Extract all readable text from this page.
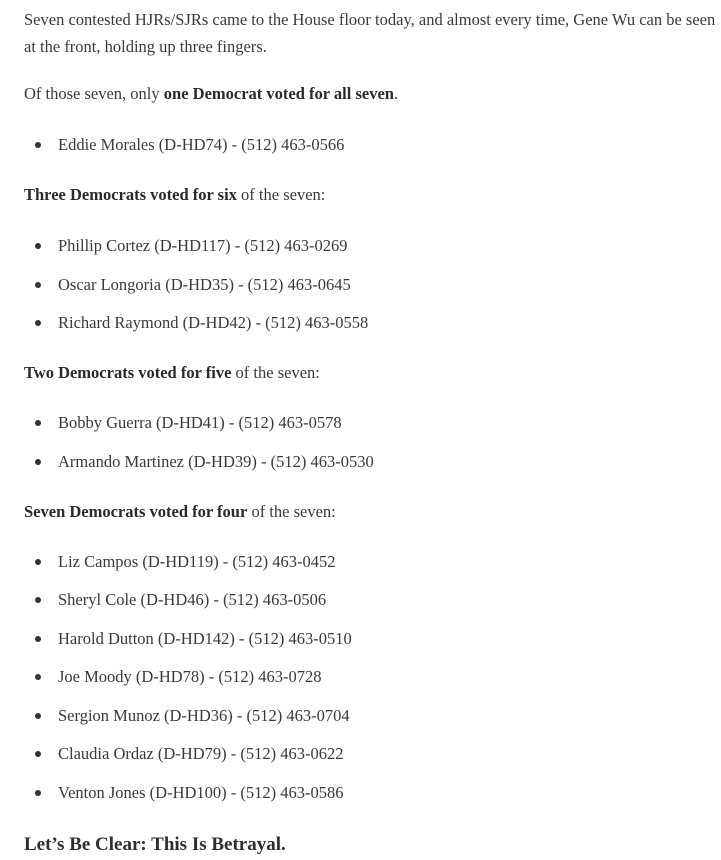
Seven contested HJRs/SJRs came to the House floor today, and almost every time, Gene Wu can be seen at the front, holding up three fingers.

Of those seven, only one Democrat voted for all seven.

Eddie Morales (D-HD74) - (512) 463-0566

Three Democrats voted for six of the seven:

Phillip Cortez (D-HD117) - (512) 463-0269
Oscar Longoria (D-HD35) - (512) 463-0645
Richard Raymond (D-HD42) - (512) 463-0558

Two Democrats voted for five of the seven:

Bobby Guerra (D-HD41) - (512) 463-0578
Armando Martinez (D-HD39) - (512) 463-0530

Seven Democrats voted for four of the seven:

Liz Campos (D-HD119) - (512) 463-0452
Sheryl Cole (D-HD46) - (512) 463-0506
Harold Dutton (D-HD142) - (512) 463-0510
Joe Moody (D-HD78) - (512) 463-0728
Sergion Munoz (D-HD36) - (512) 463-0704
Claudia Ordaz (D-HD79) - (512) 463-0622
Venton Jones (D-HD100) - (512) 463-0586
Let’s Be Clear: This Is Betrayal.
